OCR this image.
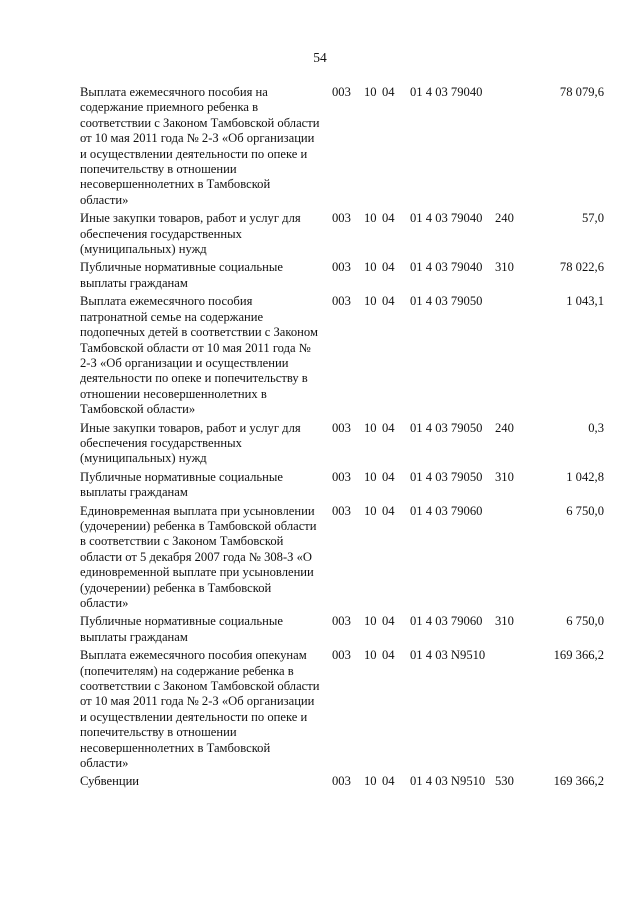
54
Выплата ежемесячного пособия на содержание приемного ребенка в соответствии с Законом Тамбовской области от 10 мая 2011 года № 2-З «Об организации и осуществлении деятельности по опеке и попечительству в отношении несовершеннолетних в Тамбовской области»
003 10 04 01 4 03 79040	78 079,6
Иные закупки товаров, работ и услуг для обеспечения государственных (муниципальных) нужд
003 10 04 01 4 03 79040 240	57,0
Публичные нормативные социальные выплаты гражданам
003 10 04 01 4 03 79040 310	78 022,6
Выплата ежемесячного пособия патронатной семье на содержание подопечных детей в соответствии с Законом Тамбовской области от 10 мая 2011 года № 2-З «Об организации и осуществлении деятельности по опеке и попечительству в отношении несовершеннолетних в Тамбовской области»
003 10 04 01 4 03 79050	1 043,1
Иные закупки товаров, работ и услуг для обеспечения государственных (муниципальных) нужд
003 10 04 01 4 03 79050 240	0,3
Публичные нормативные социальные выплаты гражданам
003 10 04 01 4 03 79050 310	1 042,8
Единовременная выплата при усыновлении (удочерении) ребенка в Тамбовской области в соответствии с Законом Тамбовской области от 5 декабря 2007 года № 308-З «О единовременной выплате при усыновлении (удочерении) ребенка в Тамбовской области»
003 10 04 01 4 03 79060	6 750,0
Публичные нормативные социальные выплаты гражданам
003 10 04 01 4 03 79060 310	6 750,0
Выплата ежемесячного пособия опекунам (попечителям) на содержание ребенка в соответствии с Законом Тамбовской области от 10 мая 2011 года № 2-З «Об организации и осуществлении деятельности по опеке и попечительству в отношении несовершеннолетних в Тамбовской области»
003 10 04 01 4 03 N9510	169 366,2
Субвенции	003 10 04 01 4 03 N9510 530	169 366,2
